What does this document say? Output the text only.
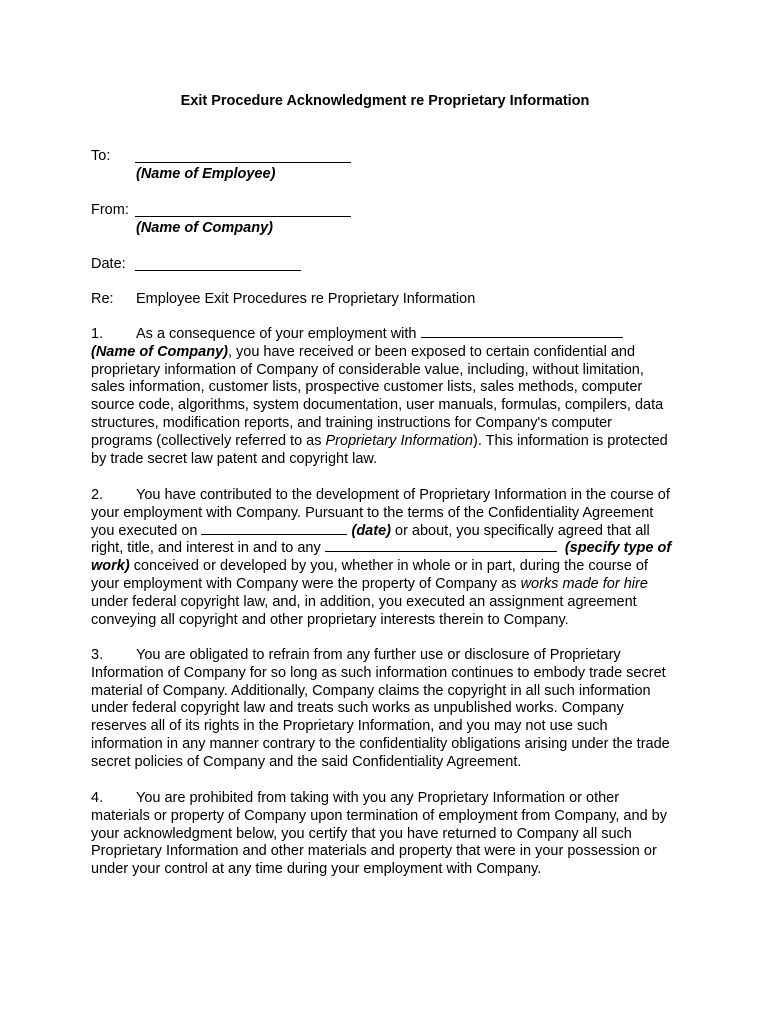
Exit Procedure Acknowledgment re Proprietary Information
To:
(Name of Employee)
From:
(Name of Company)
Date:
Re: Employee Exit Procedures re Proprietary Information
1. As a consequence of your employment with
(Name of Company), you have received or been exposed to certain confidential and
proprietary information of Company of considerable value, including, without limitation,
sales information, customer lists, prospective customer lists, sales methods, computer
source code, algorithms, system documentation, user manuals, formulas, compilers, data
structures, modification reports, and training instructions for Company's computer
programs (collectively referred to as Proprietary Information). This information is protected
by trade secret law patent and copyright law.
2. You have contributed to the development of Proprietary Information in the course of
your employment with Company. Pursuant to the terms of the Confidentiality Agreement
you executed on	(date) or about, you specifically agreed that all
right, title, and interest in and to any	(specify type of
work) conceived or developed by you, whether in whole or in part, during the course of
your employment with Company were the property of Company as works made for hire
under federal copyright law, and, in addition, you executed an assignment agreement
conveying all copyright and other proprietary interests therein to Company.
3. You are obligated to refrain from any further use or disclosure of Proprietary
Information of Company for so long as such information continues to embody trade secret
material of Company. Additionally, Company claims the copyright in all such information
under federal copyright law and treats such works as unpublished works. Company
reserves all of its rights in the Proprietary Information, and you may not use such
information in any manner contrary to the confidentiality obligations arising under the trade
secret policies of Company and the said Confidentiality Agreement.
4. You are prohibited from taking with you any Proprietary Information or other
materials or property of Company upon termination of employment from Company, and by
your acknowledgment below, you certify that you have returned to Company all such
Proprietary Information and other materials and property that were in your possession or
under your control at any time during your employment with Company.
